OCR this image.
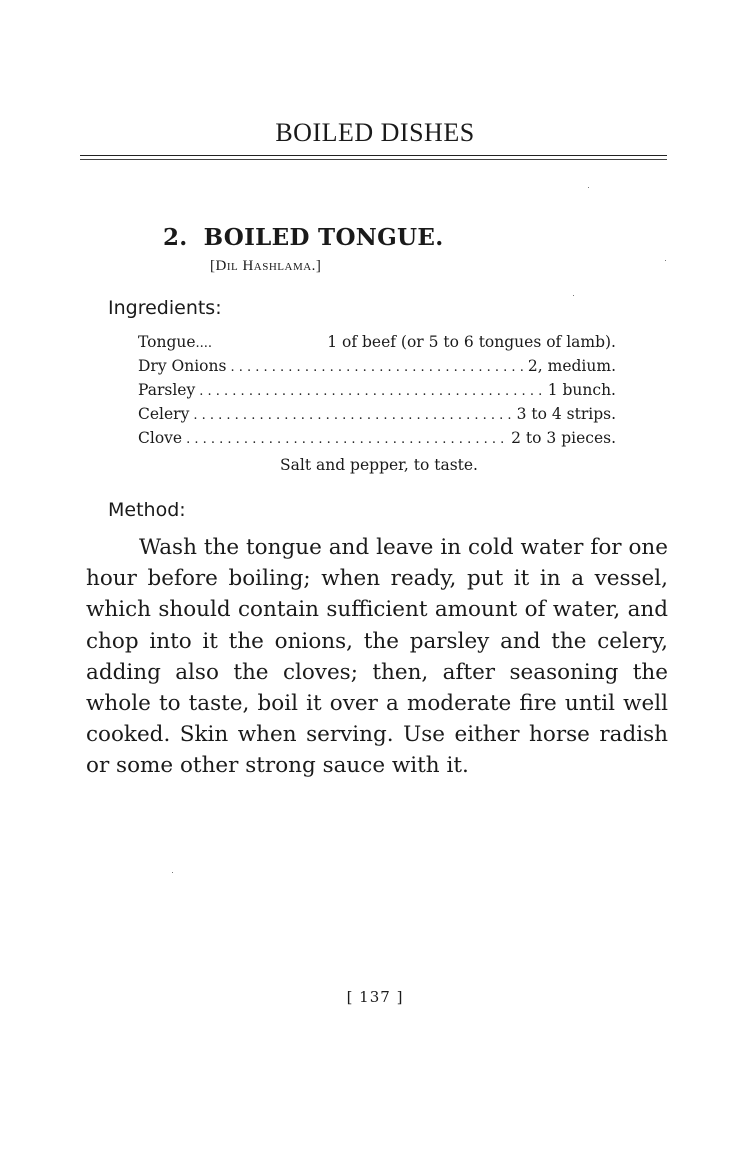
BOILED DISHES
2. BOILED TONGUE.
[Dil Hashlama.]
Ingredients:
Tongue ....	1 of beef (or 5 to 6 tongues of lamb).
Dry Onions . . .	2, medium.
Parsley . . .	1 bunch.
Celery . . .	3 to 4 strips.
Clove . . .	2 to 3 pieces.
Salt and pepper, to taste.
Method:
Wash the tongue and leave in cold water for one hour before boiling; when ready, put it in a vessel, which should contain sufficient amount of water, and chop into it the onions, the parsley and the celery, adding also the cloves; then, after seasoning the whole to taste, boil it over a moderate fire until well cooked. Skin when serving. Use either horse radish or some other strong sauce with it.
[ 137 ]
